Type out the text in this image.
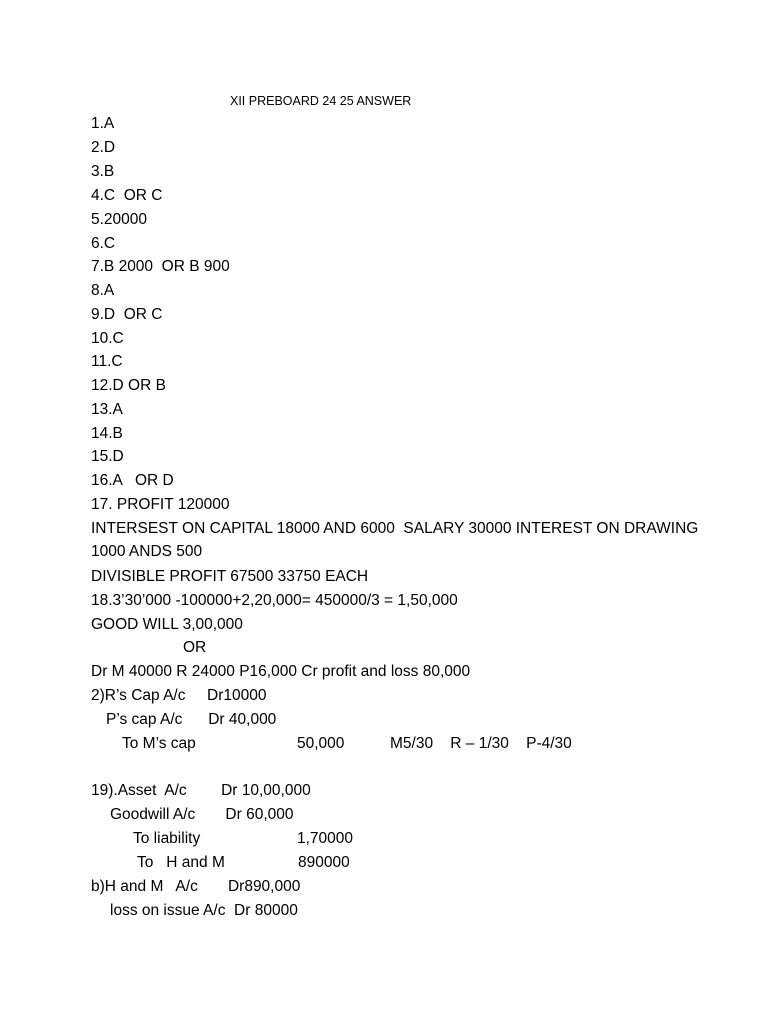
XII PREBOARD 24 25 ANSWER
1.A
2.D
3.B
4.C  OR C
5.20000
6.C
7.B 2000  OR B 900
8.A
9.D  OR C
10.C
11.C
12.D OR B
13.A
14.B
15.D
16.A   OR D
17. PROFIT 120000
INTERSEST ON CAPITAL 18000 AND 6000  SALARY 30000 INTEREST ON DRAWING
1000 ANDS 500
DIVISIBLE PROFIT 67500 33750 EACH
18.3’30’000 -100000+2,20,000= 450000/3 = 1,50,000
GOOD WILL 3,00,000
OR
Dr M 40000 R 24000 P16,000 Cr profit and loss 80,000
2)R’s Cap A/c     Dr10000
P’s cap A/c      Dr 40,000
To M’s cap	50,000	M5/30    R – 1/30    P-4/30
19).Asset  A/c        Dr 10,00,000
Goodwill A/c       Dr 60,000
To liability	1,70000
To   H and M	890000
b)H and M   A/c       Dr890,000
loss on issue A/c  Dr 80000
